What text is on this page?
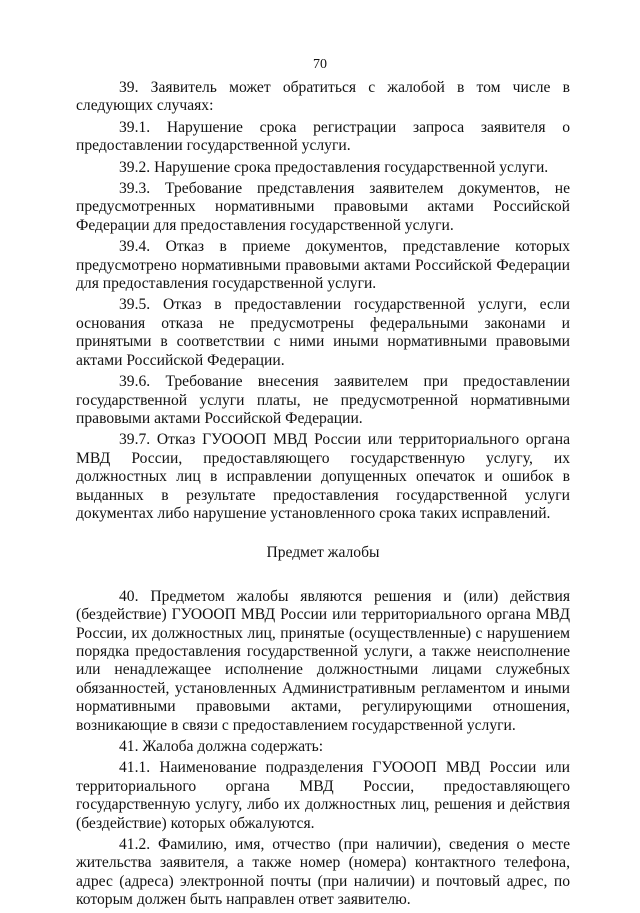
70

39. Заявитель может обратиться с жалобой в том числе в следующих случаях:

39.1. Нарушение срока регистрации запроса заявителя о предоставлении государственной услуги.

39.2. Нарушение срока предоставления государственной услуги.

39.3. Требование представления заявителем документов, не предусмотренных нормативными правовыми актами Российской Федерации для предоставления государственной услуги.

39.4. Отказ в приеме документов, представление которых предусмотрено нормативными правовыми актами Российской Федерации для предоставления государственной услуги.

39.5. Отказ в предоставлении государственной услуги, если основания отказа не предусмотрены федеральными законами и принятыми в соответствии с ними иными нормативными правовыми актами Российской Федерации.

39.6. Требование внесения заявителем при предоставлении государственной услуги платы, не предусмотренной нормативными правовыми актами Российской Федерации.

39.7. Отказ ГУОООП МВД России или территориального органа МВД России, предоставляющего государственную услугу, их должностных лиц в исправлении допущенных опечаток и ошибок в выданных в результате предоставления государственной услуги документах либо нарушение установленного срока таких исправлений.

Предмет жалобы

40. Предметом жалобы являются решения и (или) действия (бездействие) ГУОООП МВД России или территориального органа МВД России, их должностных лиц, принятые (осуществленные) с нарушением порядка предоставления государственной услуги, а также неисполнение или ненадлежащее исполнение должностными лицами служебных обязанностей, установленных Административным регламентом и иными нормативными правовыми актами, регулирующими отношения, возникающие в связи с предоставлением государственной услуги.

41. Жалоба должна содержать:

41.1. Наименование подразделения ГУОООП МВД России или территориального органа МВД России, предоставляющего государственную услугу, либо их должностных лиц, решения и действия (бездействие) которых обжалуются.

41.2. Фамилию, имя, отчество (при наличии), сведения о месте жительства заявителя, а также номер (номера) контактного телефона, адрес (адреса) электронной почты (при наличии) и почтовый адрес, по которым должен быть направлен ответ заявителю.
